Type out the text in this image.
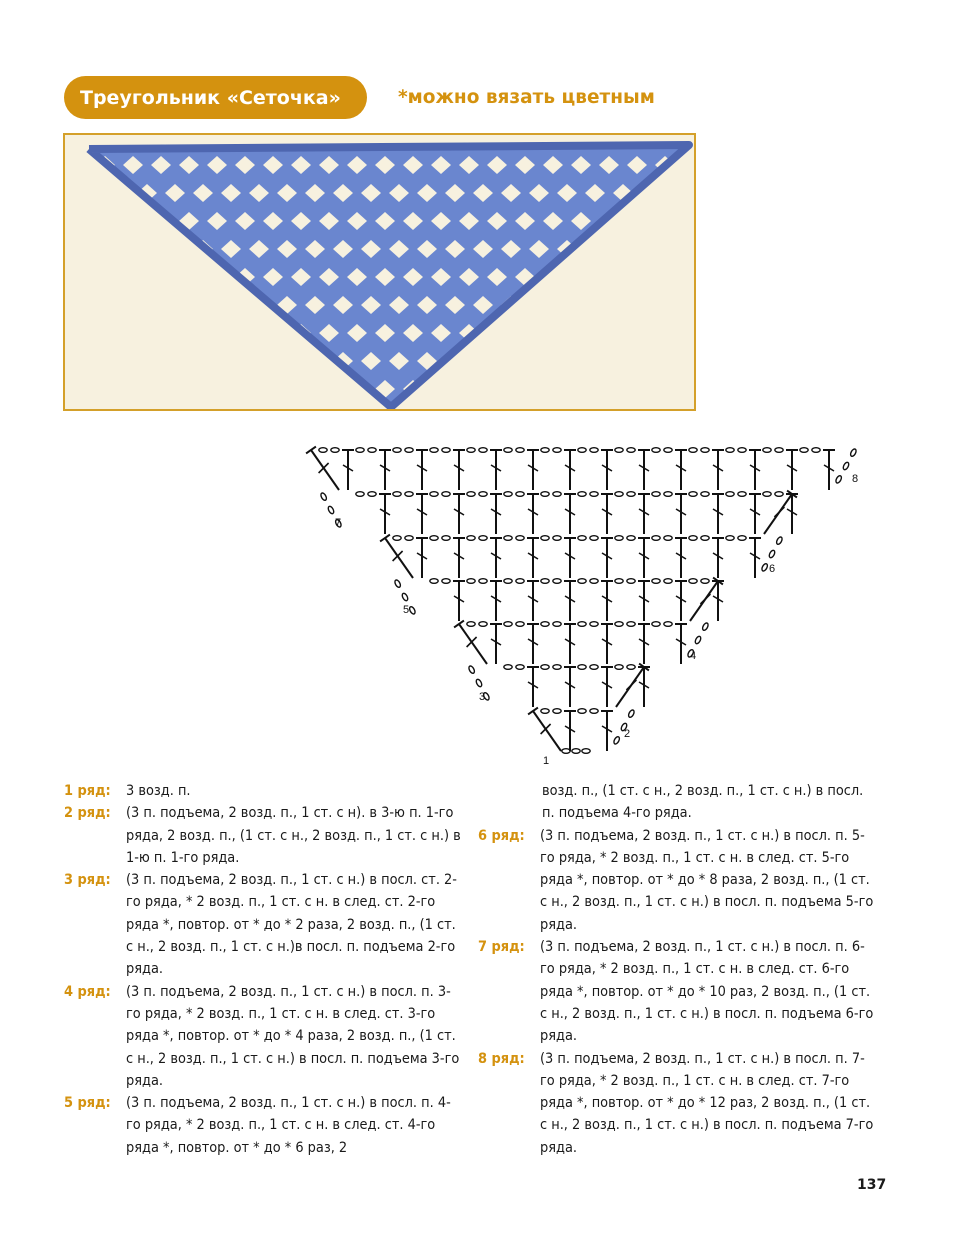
Треугольник «Сеточка»	*можно вязать цветным
1
2
3
4
5
6
7
8
1 ряд: 3 возд. п.
2 ряд: (3 п. подъема, 2 возд. п., 1 ст. с н). в 3-ю п. 1-го ряда, 2 возд. п., (1 ст. с н., 2 возд. п., 1 ст. с н.) в 1-ю п. 1-го ряда.
3 ряд: (3 п. подъема, 2 возд. п., 1 ст. с н.) в посл. ст. 2-го ряда, * 2 возд. п., 1 ст. с н. в след. ст. 2-го ряда *, повтор. от * до * 2 раза, 2 возд. п., (1 ст. с н., 2 возд. п., 1 ст. с н.)в посл. п. подъема 2-го ряда.
4 ряд: (3 п. подъема, 2 возд. п., 1 ст. с н.) в посл. п. 3-го ряда, * 2 возд. п., 1 ст. с н. в след. ст. 3-го ряда *, повтор. от * до * 4 раза, 2 возд. п., (1 ст. с н., 2 возд. п., 1 ст. с н.) в посл. п. подъема 3-го ряда.
5 ряд: (3 п. подъема, 2 возд. п., 1 ст. с н.) в посл. п. 4-го ряда, * 2 возд. п., 1 ст. с н. в след. ст. 4-го ряда *, повтор. от * до * 6 раз, 2
возд. п., (1 ст. с н., 2 возд. п., 1 ст. с н.) в посл. п. подъема 4-го ряда.
6 ряд: (3 п. подъема, 2 возд. п., 1 ст. с н.) в посл. п. 5-го ряда, * 2 возд. п., 1 ст. с н. в след. ст. 5-го ряда *, повтор. от * до * 8 раза, 2 возд. п., (1 ст. с н., 2 возд. п., 1 ст. с н.) в посл. п. подъема 5-го ряда.
7 ряд: (3 п. подъема, 2 возд. п., 1 ст. с н.) в посл. п. 6-го ряда, * 2 возд. п., 1 ст. с н. в след. ст. 6-го ряда *, повтор. от * до * 10 раз, 2 возд. п., (1 ст. с н., 2 возд. п., 1 ст. с н.) в посл. п. подъема 6-го ряда.
8 ряд: (3 п. подъема, 2 возд. п., 1 ст. с н.) в посл. п. 7-го ряда, * 2 возд. п., 1 ст. с н. в след. ст. 7-го ряда *, повтор. от * до * 12 раз, 2 возд. п., (1 ст. с н., 2 возд. п., 1 ст. с н.) в посл. п. подъема 7-го ряда.
137
